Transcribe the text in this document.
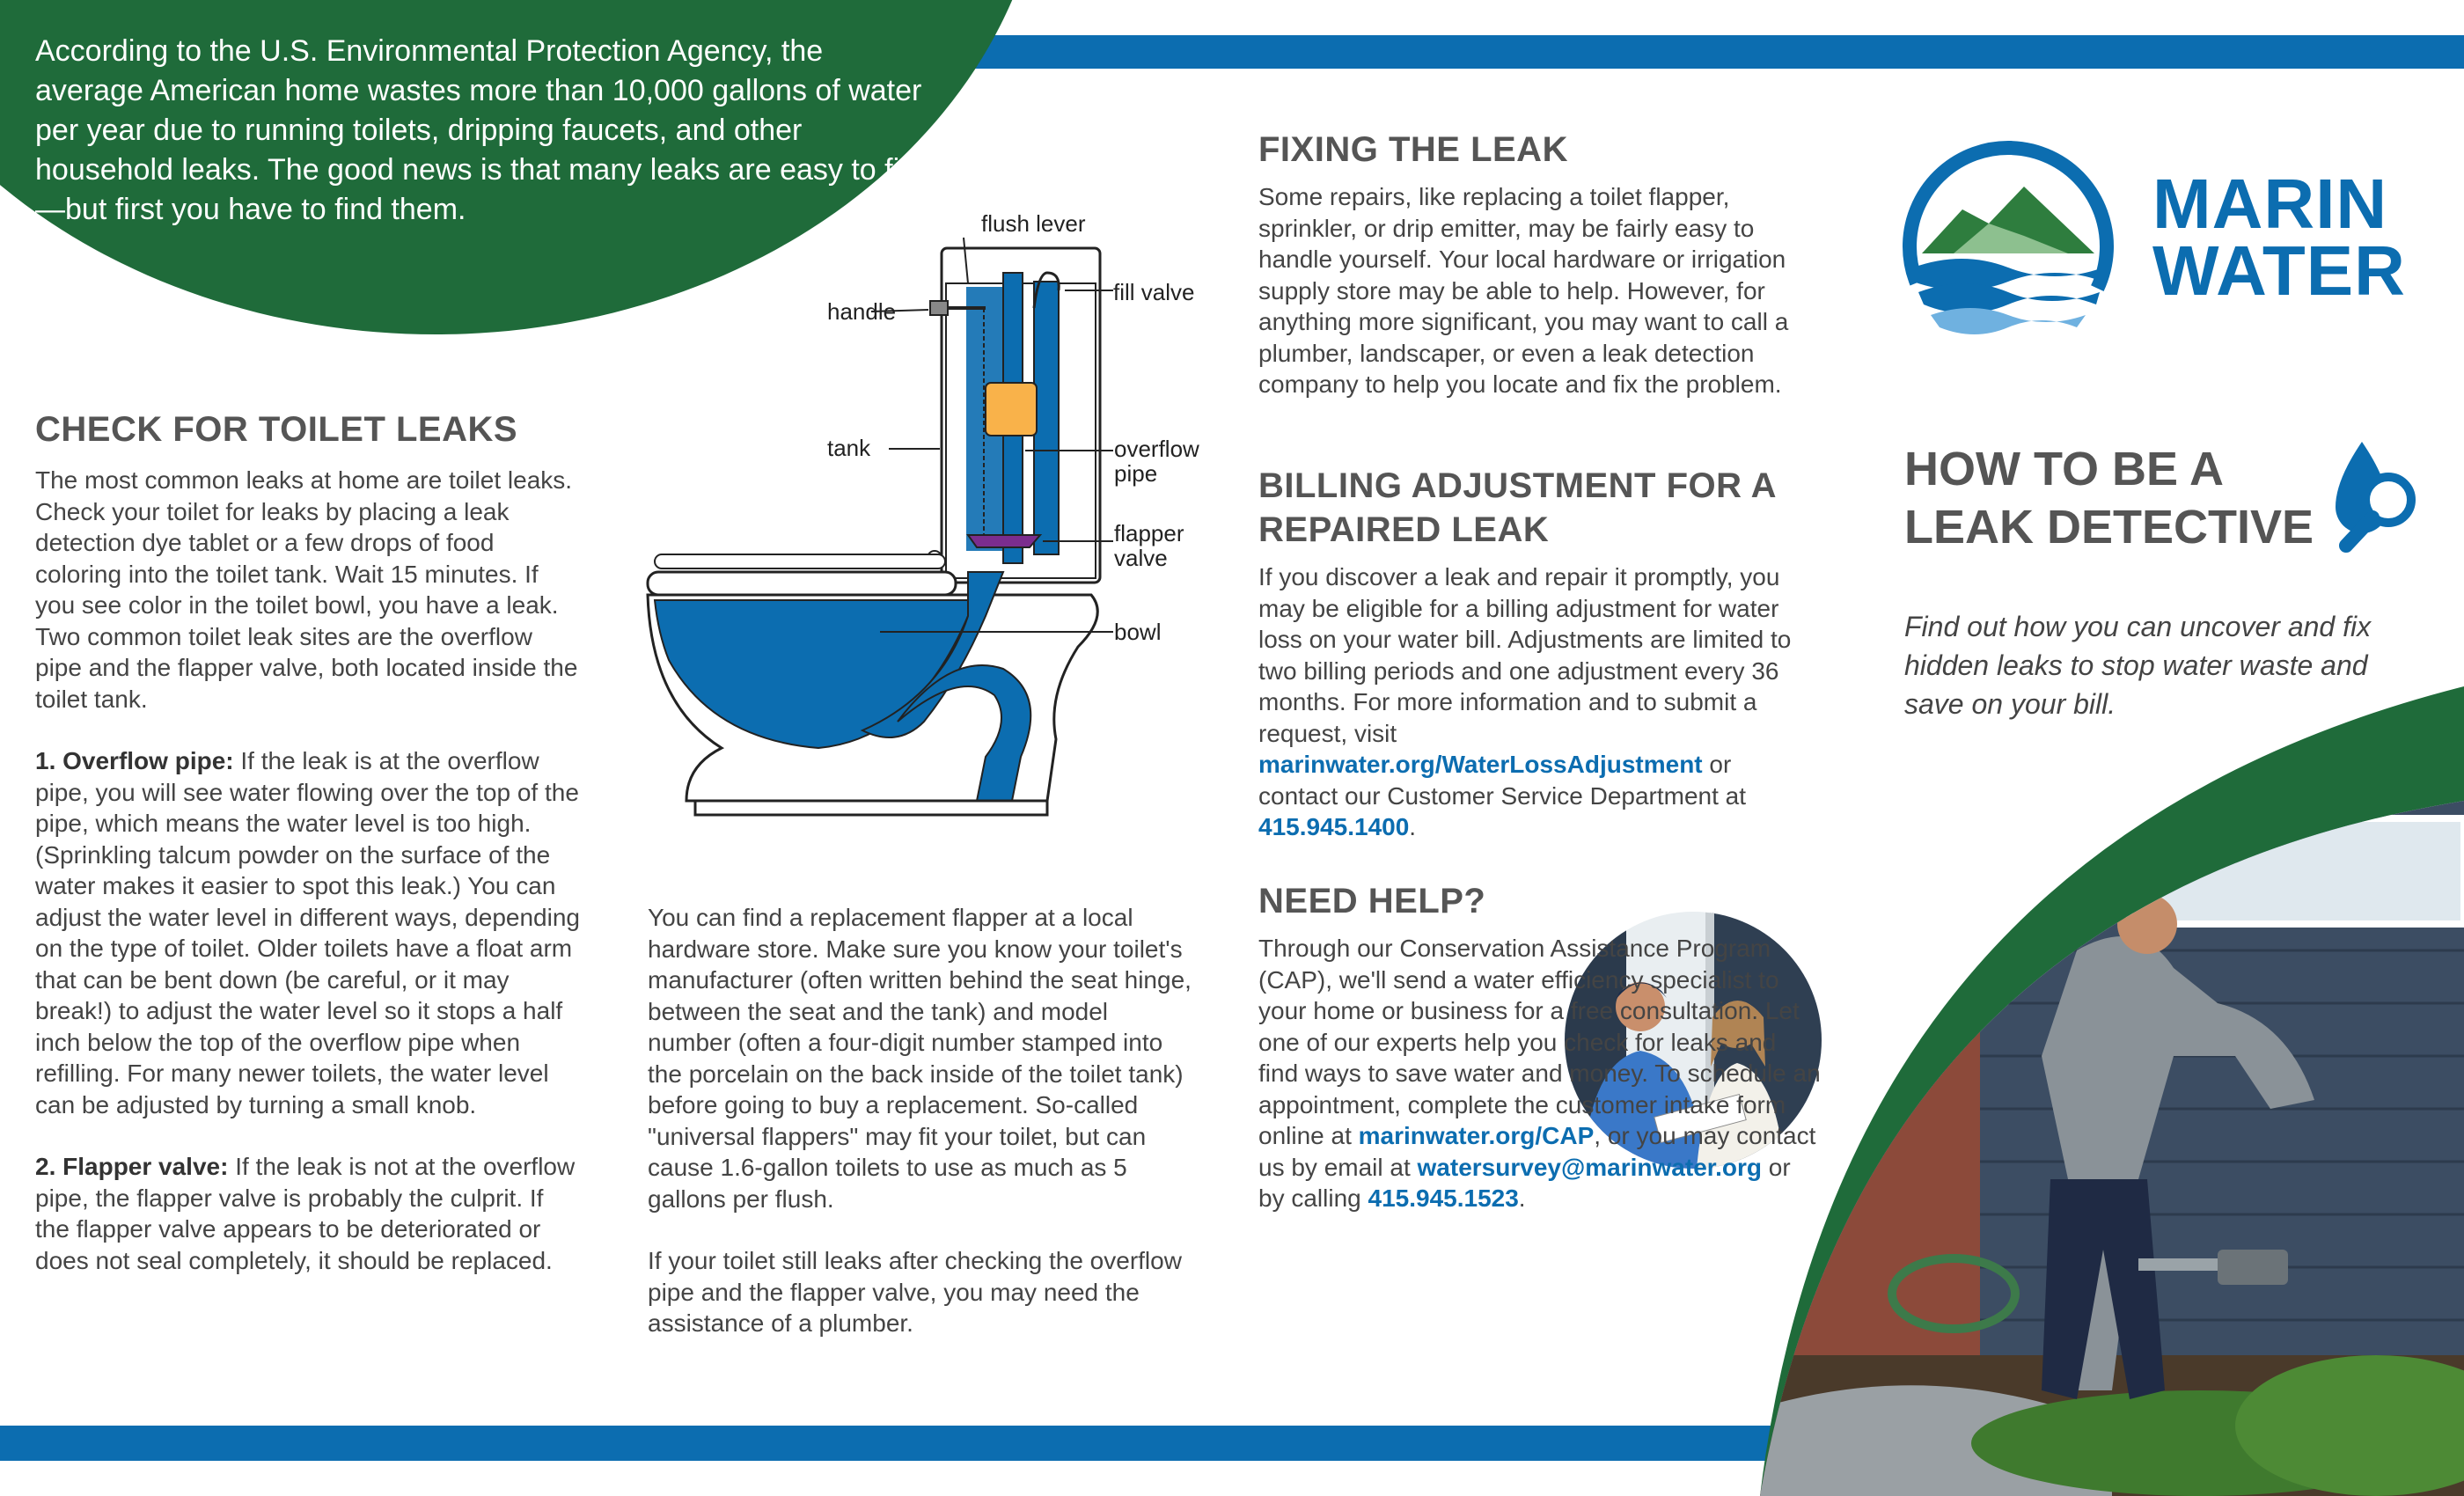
According to the U.S. Environmental Protection Agency, the average American home wastes more than 10,000 gallons of water per year due to running toilets, dripping faucets, and other household leaks. The good news is that many leaks are easy to fix—but first you have to find them.
CHECK FOR TOILET LEAKS

The most common leaks at home are toilet leaks. Check your toilet for leaks by placing a leak detection dye tablet or a few drops of food coloring into the toilet tank. Wait 15 minutes. If you see color in the toilet bowl, you have a leak. Two common toilet leak sites are the overflow pipe and the flapper valve, both located inside the toilet tank.

1. Overflow pipe: If the leak is at the overflow pipe, you will see water flowing over the top of the pipe, which means the water level is too high. (Sprinkling talcum powder on the surface of the water makes it easier to spot this leak.) You can adjust the water level in different ways, depending on the type of toilet. Older toilets have a float arm that can be bent down (be careful, or it may break!) to adjust the water level so it stops a half inch below the top of the overflow pipe when refilling. For many newer toilets, the water level can be adjusted by turning a small knob.

2. Flapper valve: If the leak is not at the overflow pipe, the flapper valve is probably the culprit. If the flapper valve appears to be deteriorated or does not seal completely, it should be replaced.

flush lever
fill valve
handle
tank	overflow pipe
flapper valve
bowl

You can find a replacement flapper at a local hardware store. Make sure you know your toilet's manufacturer (often written behind the seat hinge, between the seat and the tank) and model number (often a four-digit number stamped into the porcelain on the back inside of the toilet tank) before going to buy a replacement. So-called "universal flappers" may fit your toilet, but can cause 1.6-gallon toilets to use as much as 5 gallons per flush.

If your toilet still leaks after checking the overflow pipe and the flapper valve, you may need the assistance of a plumber.

FIXING THE LEAK
Some repairs, like replacing a toilet flapper, sprinkler, or drip emitter, may be fairly easy to handle yourself. Your local hardware or irrigation supply store may be able to help. However, for anything more significant, you may want to call a plumber, landscaper, or even a leak detection company to help you locate and fix the problem.
BILLING ADJUSTMENT FOR A
REPAIRED LEAK
If you discover a leak and repair it promptly, you may be eligible for a billing adjustment for water loss on your water bill. Adjustments are limited to two billing periods and one adjustment every 36 months. For more information and to submit a request, visit marinwater.org/WaterLossAdjustment or contact our Customer Service Department at 415.945.1400.
NEED HELP?
Through our Conservation Assistance Program (CAP), we'll send a water efficiency specialist to your home or business for a free consultation. Let one of our experts help you check for leaks and find ways to save water and money. To schedule an appointment, complete the customer intake form online at marinwater.org/CAP, or you may contact us by email at watersurvey@marinwater.org or by calling 415.945.1523.
MARIN
WATER
HOW TO BE A
LEAK DETECTIVE
Find out how you can uncover and fix hidden leaks to stop water waste and save on your bill.
